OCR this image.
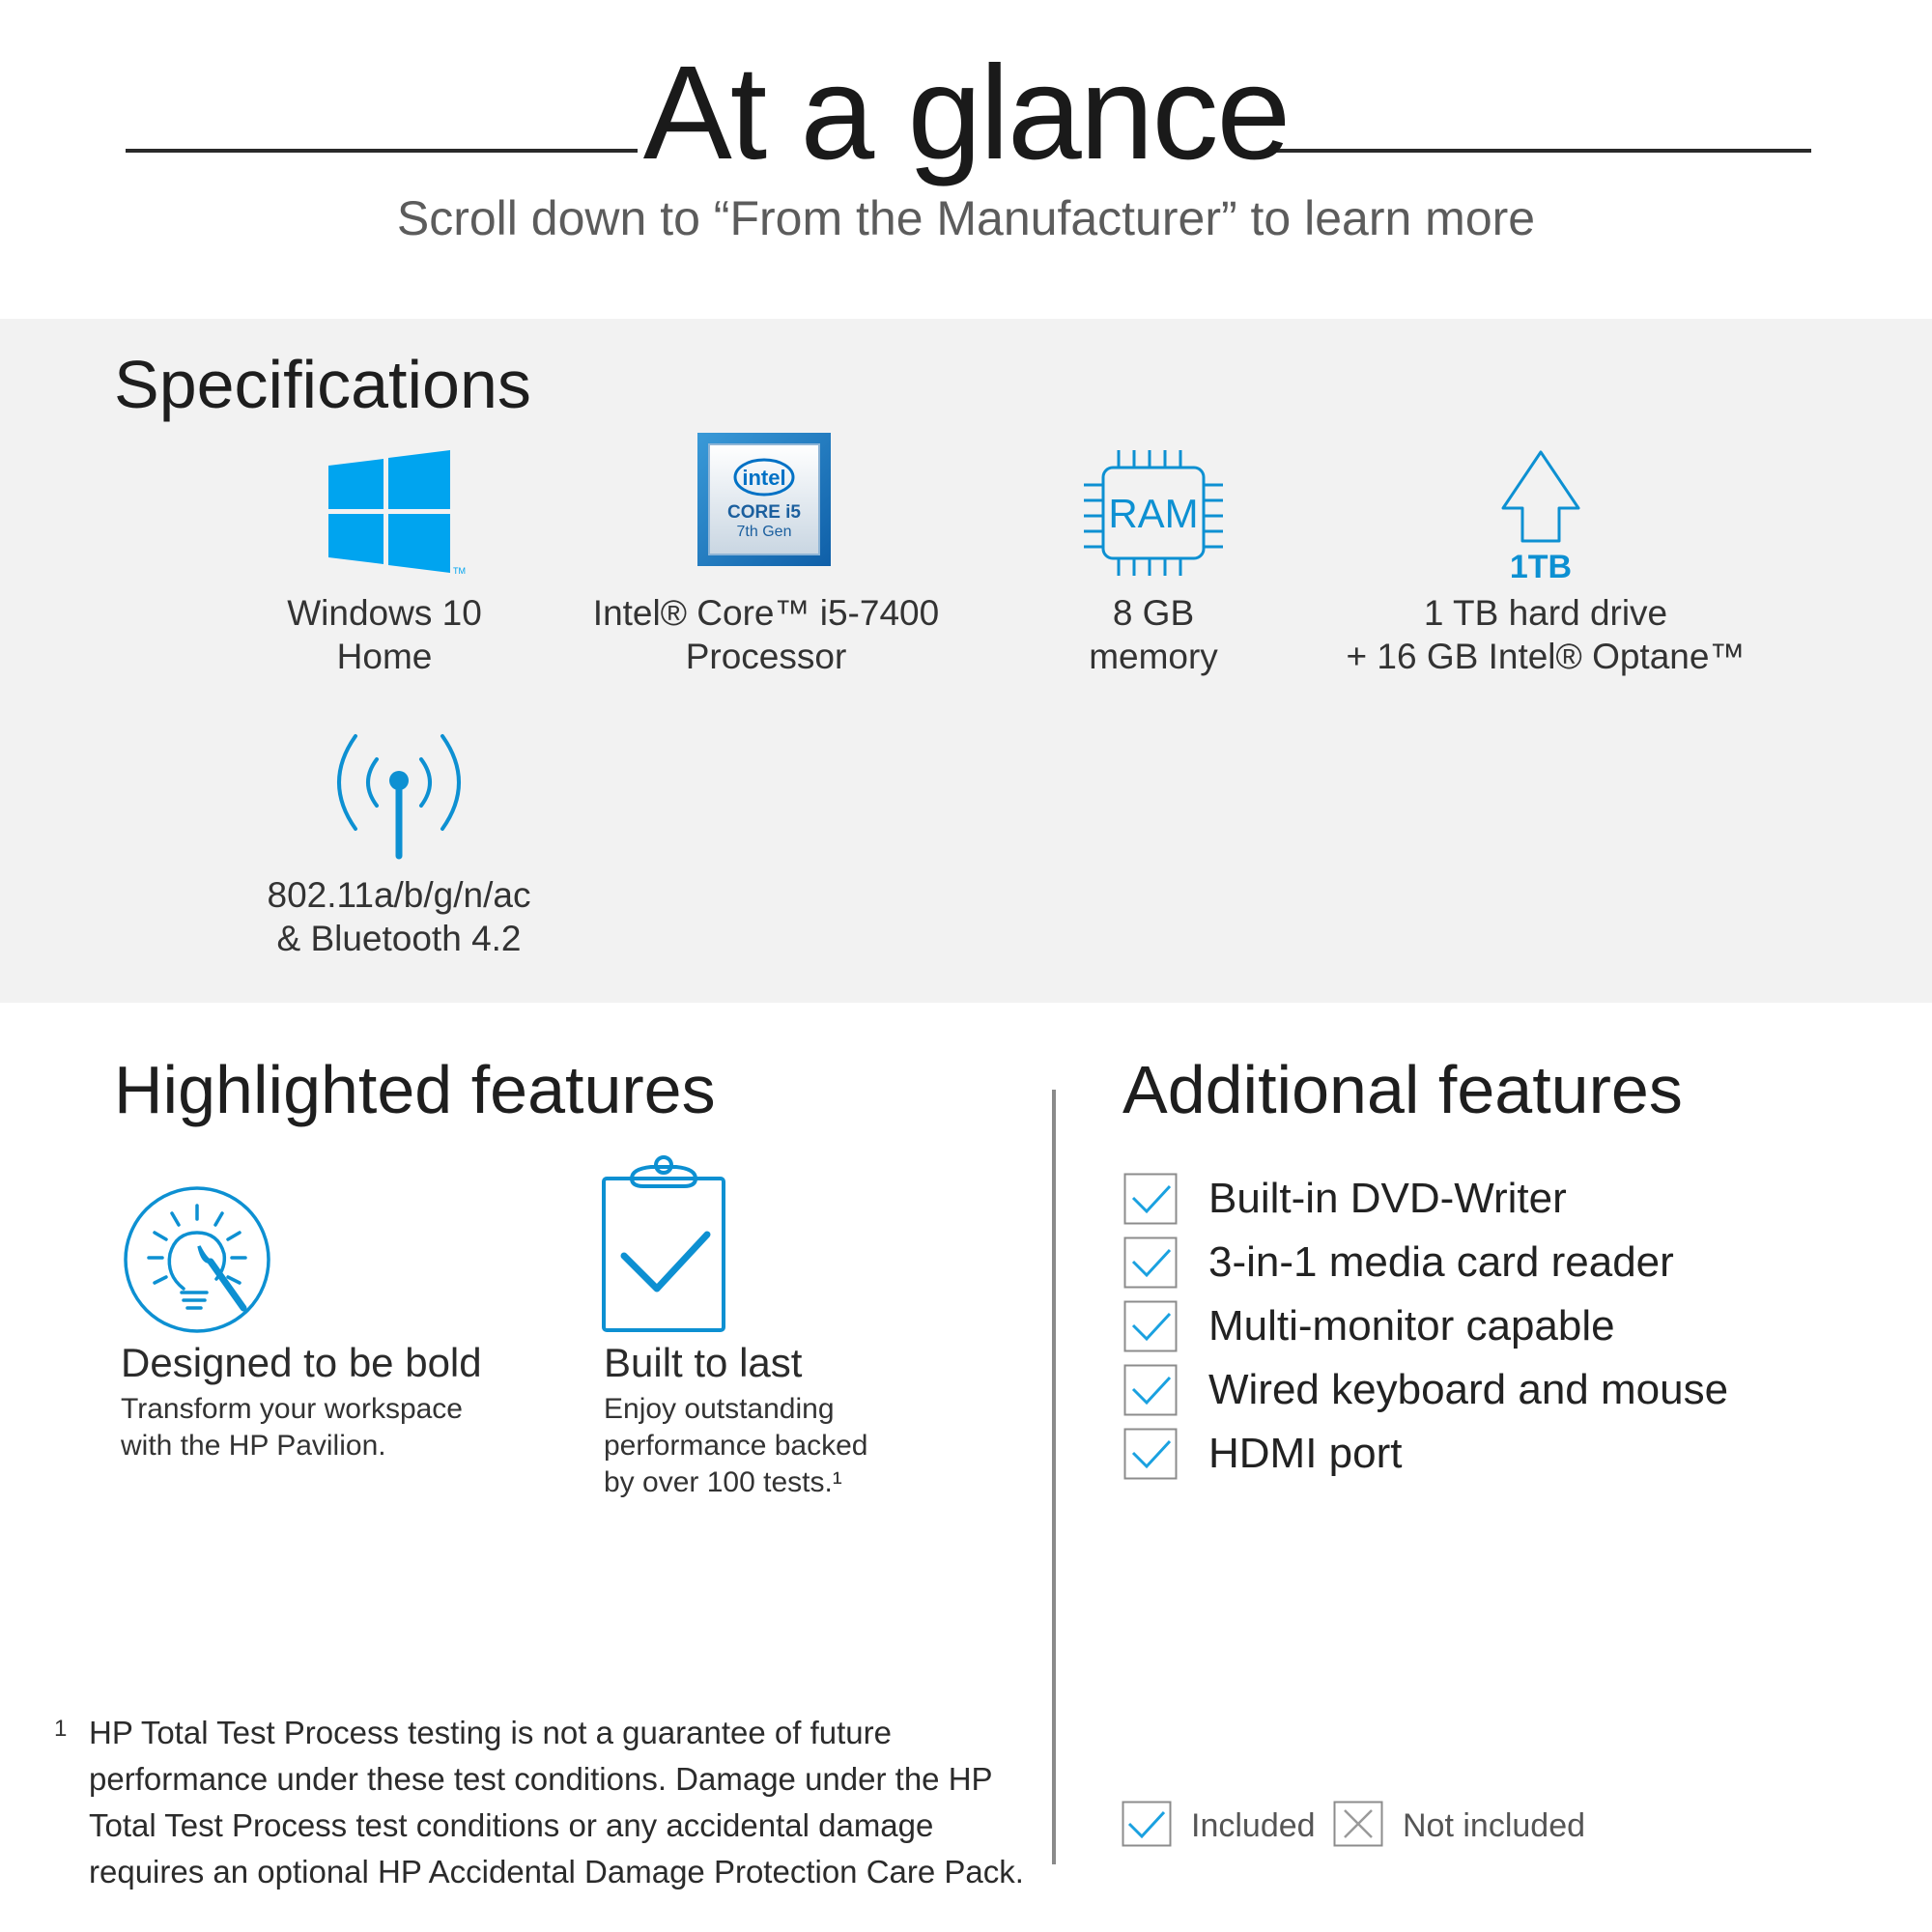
At a glance
Scroll down to “From the Manufacturer” to learn more
Specifications
TM
Windows 10
Home
intel
CORE i5
7th Gen
Intel® Core™ i5-7400
Processor
RAM
8 GB
memory
1TB
1 TB hard drive
+ 16 GB Intel® Optane™
802.11a/b/g/n/ac
& Bluetooth 4.2
Highlighted features
Designed to be bold
Transform your workspace
with the HP Pavilion.
Built to last
Enjoy outstanding
performance backed
by over 100 tests.¹
Additional features
Built-in DVD-Writer
3-in-1 media card reader
Multi-monitor capable
Wired keyboard and mouse
HDMI port
Included	Not included
1 HP Total Test Process testing is not a guarantee of future performance under these test conditions. Damage under the HP Total Test Process test conditions or any accidental damage requires an optional HP Accidental Damage Protection Care Pack.
